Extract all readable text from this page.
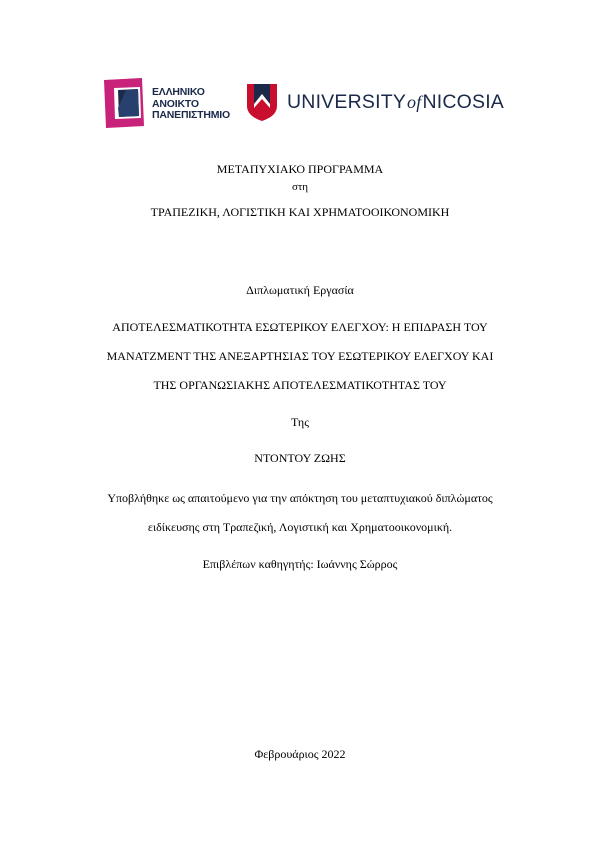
ΕΛΛΗΝΙΚΟ
ΑΝΟΙΚΤΟ
ΠΑΝΕΠΙΣΤΗΜΙΟ
UNIVERSITYofNICOSIA
ΜΕΤΑΠΥΧΙΑΚΟ ΠΡΟΓΡΑΜΜΑ
στη
ΤΡΑΠΕΖΙΚΗ, ΛΟΓΙΣΤΙΚΗ ΚΑΙ ΧΡΗΜΑΤΟΟΙΚΟΝΟΜΙΚΗ
Διπλωματική Εργασία
ΑΠΟΤΕΛΕΣΜΑΤΙΚΟΤΗΤΑ ΕΣΩΤΕΡΙΚΟΥ ΕΛΕΓΧΟΥ: Η ΕΠΙΔΡΑΣΗ ΤΟΥ
ΜΑΝΑΤΖΜΕΝΤ ΤΗΣ ΑΝΕΞΑΡΤΗΣΙΑΣ ΤΟΥ ΕΣΩΤΕΡΙΚΟΥ ΕΛΕΓΧΟΥ ΚΑΙ
ΤΗΣ ΟΡΓΑΝΩΣΙΑΚΗΣ ΑΠΟΤΕΛΕΣΜΑΤΙΚΟΤΗΤΑΣ ΤΟΥ
Της
ΝΤΟΝΤΟΥ ΖΩΗΣ
Υποβλήθηκε ως απαιτούμενο για την απόκτηση του μεταπτυχιακού διπλώματος
ειδίκευσης στη Τραπεζική, Λογιστική και Χρηματοοικονομική.
Επιβλέπων καθηγητής: Ιωάννης Σώρρος
Φεβρουάριος 2022
